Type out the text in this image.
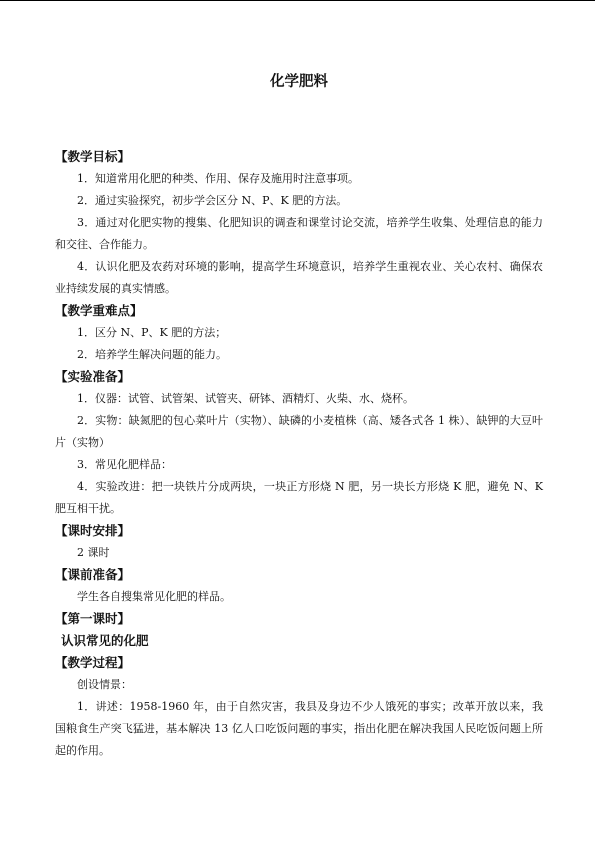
化学肥料

【教学目标】

1．知道常用化肥的种类、作用、保存及施用时注意事项。

2．通过实验探究，初步学会区分 N、P、K 肥的方法。

3．通过对化肥实物的搜集、化肥知识的调查和课堂讨论交流，培养学生收集、处理信息的能力和交往、合作能力。

4．认识化肥及农药对环境的影响，提高学生环境意识，培养学生重视农业、关心农村、确保农业持续发展的真实情感。

【教学重难点】

1．区分 N、P、K 肥的方法；

2．培养学生解决问题的能力。

【实验准备】

1．仪器：试管、试管架、试管夹、研钵、酒精灯、火柴、水、烧杯。

2．实物：缺氮肥的包心菜叶片（实物）、缺磷的小麦植株（高、矮各式各 1 株）、缺钾的大豆叶片（实物）

3．常见化肥样品：

4．实验改进：把一块铁片分成两块，一块正方形烧 N 肥，另一块长方形烧 K 肥，避免 N、K 肥互相干扰。

【课时安排】

2 课时

【课前准备】

学生各自搜集常见化肥的样品。

【第一课时】

认识常见的化肥

【教学过程】

创设情景：

1．讲述：1958-1960 年，由于自然灾害，我县及身边不少人饿死的事实；改革开放以来，我国粮食生产突飞猛进，基本解决 13 亿人口吃饭问题的事实，指出化肥在解决我国人民吃饭问题上所起的作用。
